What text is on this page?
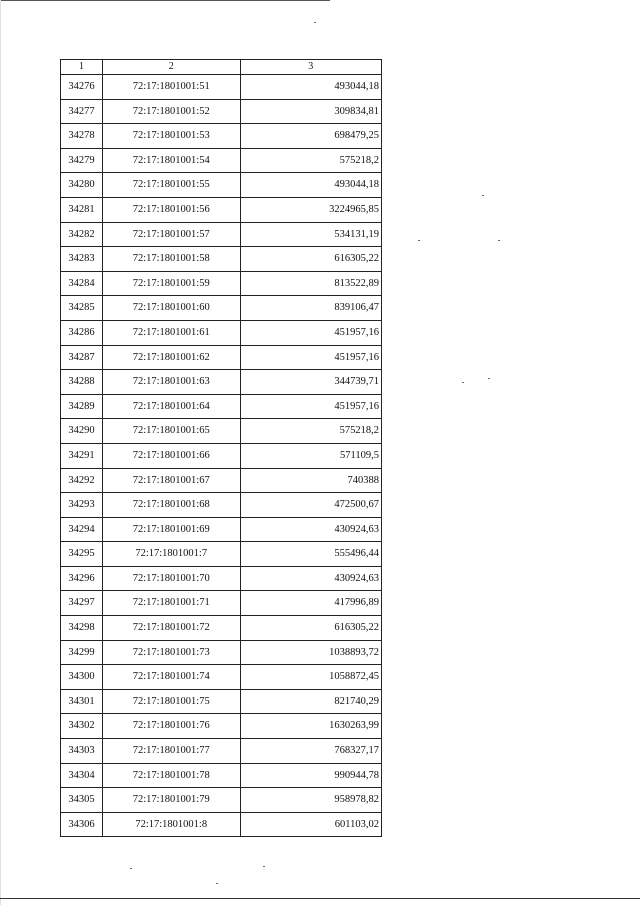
1	2	3
34276	72:17:1801001:51	493044,18
34277	72:17:1801001:52	309834,81
34278	72:17:1801001:53	698479,25
34279	72:17:1801001:54	575218,2
34280	72:17:1801001:55	493044,18
34281	72:17:1801001:56	3224965,85
34282	72:17:1801001:57	534131,19
34283	72:17:1801001:58	616305,22
34284	72:17:1801001:59	813522,89
34285	72:17:1801001:60	839106,47
34286	72:17:1801001:61	451957,16
34287	72:17:1801001:62	451957,16
34288	72:17:1801001:63	344739,71
34289	72:17:1801001:64	451957,16
34290	72:17:1801001:65	575218,2
34291	72:17:1801001:66	571109,5
34292	72:17:1801001:67	740388
34293	72:17:1801001:68	472500,67
34294	72:17:1801001:69	430924,63
34295	72:17:1801001:7	555496,44
34296	72:17:1801001:70	430924,63
34297	72:17:1801001:71	417996,89
34298	72:17:1801001:72	616305,22
34299	72:17:1801001:73	1038893,72
34300	72:17:1801001:74	1058872,45
34301	72:17:1801001:75	821740,29
34302	72:17:1801001:76	1630263,99
34303	72:17:1801001:77	768327,17
34304	72:17:1801001:78	990944,78
34305	72:17:1801001:79	958978,82
34306	72:17:1801001:8	601103,02
